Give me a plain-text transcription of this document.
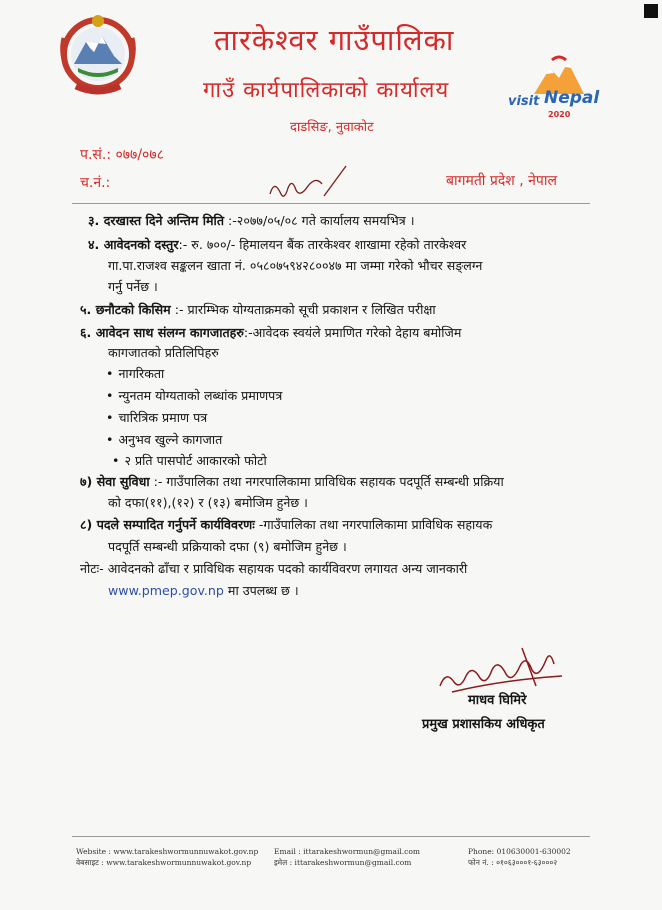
तारकेश्वर गाउँपालिका
गाउँ कार्यपालिकाको कार्यालय
दाडसिङ, नुवाकोट
visit Nepal
2020
प.सं.: ०७७/०७८
च.नं.:	बागमती प्रदेश , नेपाल
३. दरखास्त दिने अन्तिम मिति :-२०७७/०५/०८ गते कार्यालय समयभित्र ।
४. आवेदनको दस्तुर:- रु. ७००/- हिमालयन बैंक तारकेश्वर शाखामा रहेको तारकेश्वर
गा.पा.राजश्व सङ्कलन खाता नं. ०५८०७५९४२८००४७ मा जम्मा गरेको भौचर सङ्लग्न
गर्नु पर्नेछ ।
५. छनौटको किसिम :- प्रारम्भिक योग्यताक्रमको सूची प्रकाशन र लिखित परीक्षा
६. आवेदन साथ संलग्न कागजातहरु:-आवेदक स्वयंले प्रमाणित गरेको देहाय बमोजिम
कागजातको प्रतिलिपिहरु
• नागरिकता
• न्युनतम योग्यताको लब्धांक प्रमाणपत्र
• चारित्रिक प्रमाण पत्र
• अनुभव खुल्ने कागजात
• २ प्रति पासपोर्ट आकारको फोटो
७) सेवा सुविधा :- गाउँपालिका तथा नगरपालिकामा प्राविधिक सहायक पदपूर्ति सम्बन्धी प्रक्रिया
को दफा(११),(१२) र (१३) बमोजिम हुनेछ ।
८) पदले सम्पादित गर्नुपर्ने कार्यविवरणः -गाउँपालिका तथा नगरपालिकामा प्राविधिक सहायक
पदपूर्ति सम्बन्धी प्रक्रियाको दफा (९) बमोजिम हुनेछ ।
नोटः- आवेदनको ढाँचा र प्राविधिक सहायक पदको कार्यविवरण लगायत अन्य जानकारी
www.pmep.gov.np मा उपलब्ध छ ।
माधव घिमिरे
प्रमुख प्रशासकिय अधिकृत
Website : www.tarakeshwormunnuwakot.gov.np
वेबसाइट : www.tarakeshwormunnuwakot.gov.np
Email : ittarakeshwormun@gmail.com
इमेल : ittarakeshwormun@gmail.com
Phone: 010630001-630002
फोन नं. : ०१०६३०००१-६३०००२
